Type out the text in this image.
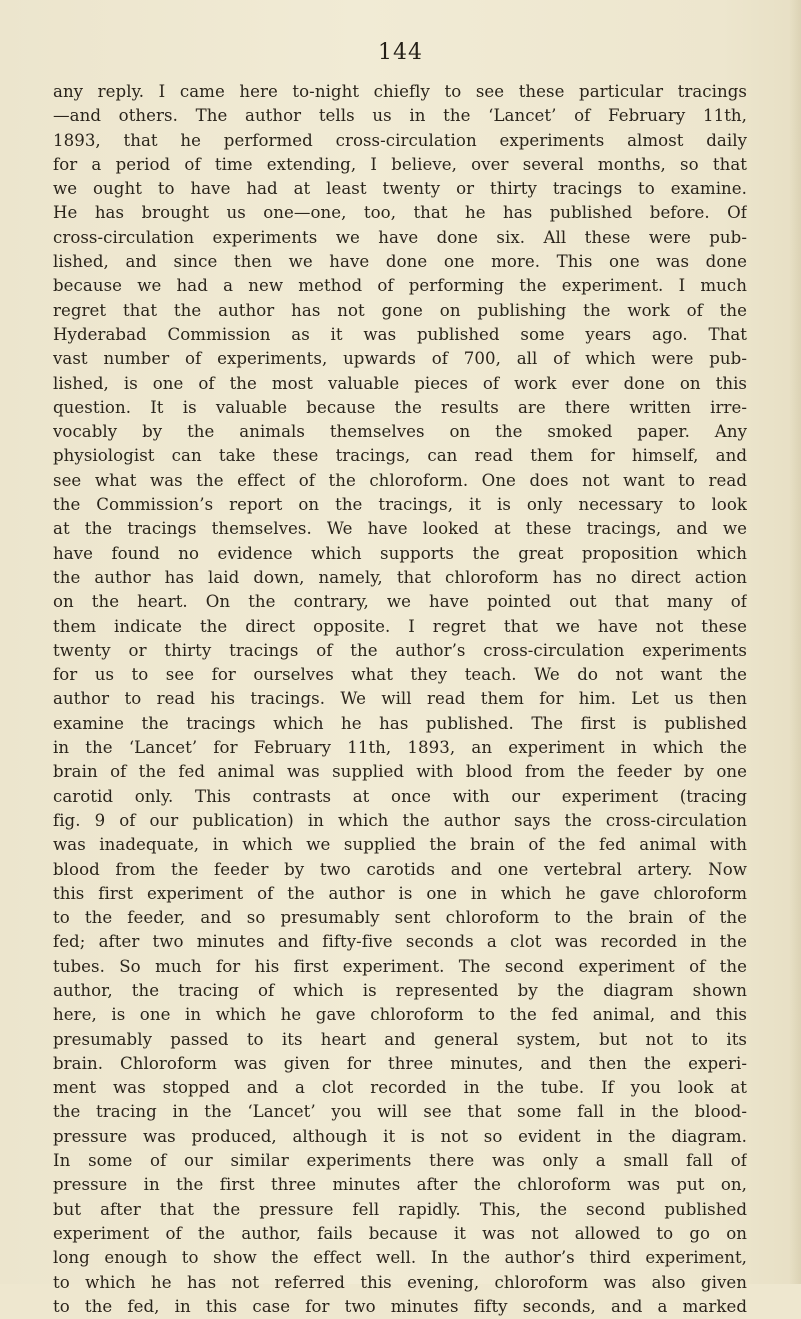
144
any reply. I came here to-night chiefly to see these particular tracings
—and others. The author tells us in the ‘Lancet’ of February 11th,
1893, that he performed cross-circulation experiments almost daily
for a period of time extending, I believe, over several months, so that
we ought to have had at least twenty or thirty tracings to examine.
He has brought us one—one, too, that he has published before. Of
cross-circulation experiments we have done six. All these were pub-
lished, and since then we have done one more. This one was done
because we had a new method of performing the experiment. I much
regret that the author has not gone on publishing the work of the
Hyderabad Commission as it was published some years ago. That
vast number of experiments, upwards of 700, all of which were pub-
lished, is one of the most valuable pieces of work ever done on this
question. It is valuable because the results are there written irre-
vocably by the animals themselves on the smoked paper. Any
physiologist can take these tracings, can read them for himself, and
see what was the effect of the chloroform. One does not want to read
the Commission’s report on the tracings, it is only necessary to look
at the tracings themselves. We have looked at these tracings, and we
have found no evidence which supports the great proposition which
the author has laid down, namely, that chloroform has no direct action
on the heart. On the contrary, we have pointed out that many of
them indicate the direct opposite. I regret that we have not these
twenty or thirty tracings of the author’s cross-circulation experiments
for us to see for ourselves what they teach. We do not want the
author to read his tracings. We will read them for him. Let us then
examine the tracings which he has published. The first is published
in the ‘Lancet’ for February 11th, 1893, an experiment in which the
brain of the fed animal was supplied with blood from the feeder by one
carotid only. This contrasts at once with our experiment (tracing
fig. 9 of our publication) in which the author says the cross-circulation
was inadequate, in which we supplied the brain of the fed animal with
blood from the feeder by two carotids and one vertebral artery. Now
this first experiment of the author is one in which he gave chloroform
to the feeder, and so presumably sent chloroform to the brain of the
fed; after two minutes and fifty-five seconds a clot was recorded in the
tubes. So much for his first experiment. The second experiment of the
author, the tracing of which is represented by the diagram shown
here, is one in which he gave chloroform to the fed animal, and this
presumably passed to its heart and general system, but not to its
brain. Chloroform was given for three minutes, and then the experi-
ment was stopped and a clot recorded in the tube. If you look at
the tracing in the ‘Lancet’ you will see that some fall in the blood-
pressure was produced, although it is not so evident in the diagram.
In some of our similar experiments there was only a small fall of
pressure in the first three minutes after the chloroform was put on,
but after that the pressure fell rapidly. This, the second published
experiment of the author, fails because it was not allowed to go on
long enough to show the effect well. In the author’s third experiment,
to which he has not referred this evening, chloroform was also given
to the fed, in this case for two minutes fifty seconds, and a marked
